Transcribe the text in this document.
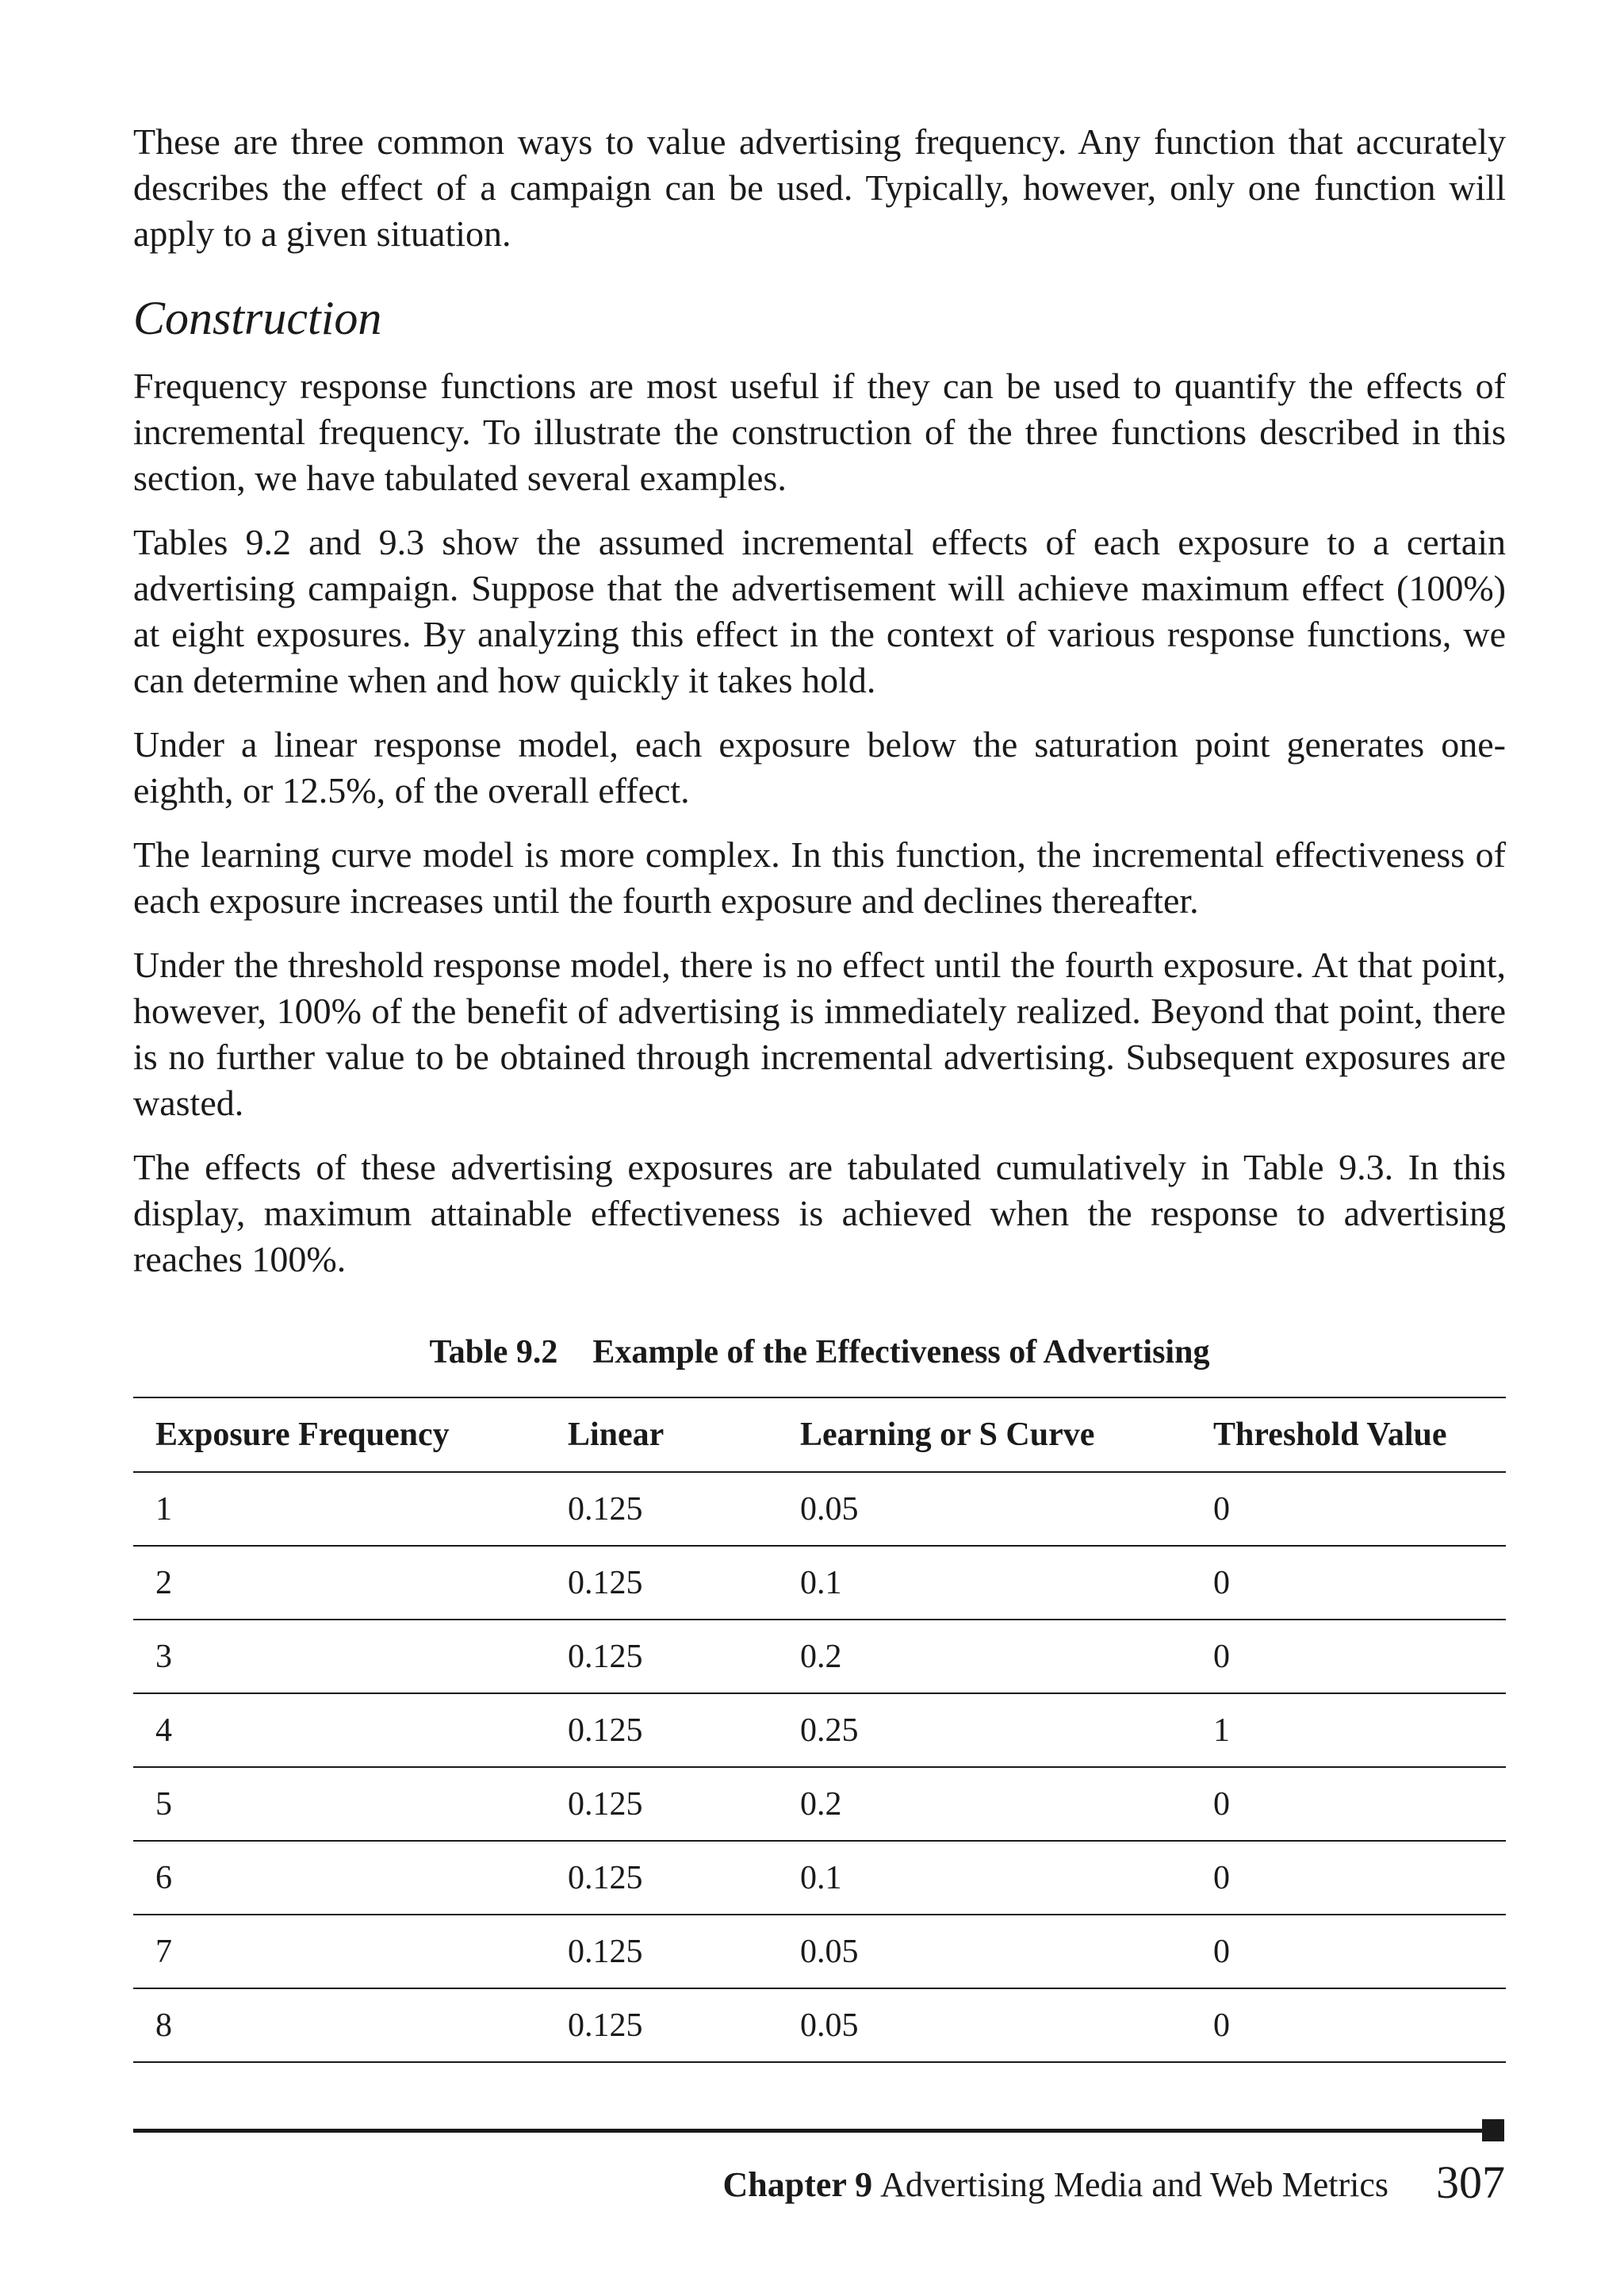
These are three common ways to value advertising frequency. Any function that accurately describes the effect of a campaign can be used. Typically, however, only one function will apply to a given situation.

Construction

Frequency response functions are most useful if they can be used to quantify the effects of incremental frequency. To illustrate the construction of the three functions described in this section, we have tabulated several examples.

Tables 9.2 and 9.3 show the assumed incremental effects of each exposure to a certain advertising campaign. Suppose that the advertisement will achieve maximum effect (100%) at eight exposures. By analyzing this effect in the context of various response functions, we can determine when and how quickly it takes hold.

Under a linear response model, each exposure below the saturation point generates one-eighth, or 12.5%, of the overall effect.

The learning curve model is more complex. In this function, the incremental effectiveness of each exposure increases until the fourth exposure and declines thereafter.

Under the threshold response model, there is no effect until the fourth exposure. At that point, however, 100% of the benefit of advertising is immediately realized. Beyond that point, there is no further value to be obtained through incremental advertising. Subsequent exposures are wasted.

The effects of these advertising exposures are tabulated cumulatively in Table 9.3. In this display, maximum attainable effectiveness is achieved when the response to advertising reaches 100%.

Table 9.2 Example of the Effectiveness of Advertising
Exposure Frequency	Linear	Learning or S Curve	Threshold Value
1	0.125	0.05	0
2	0.125	0.1	0
3	0.125	0.2	0
4	0.125	0.25	1
5	0.125	0.2	0
6	0.125	0.1	0
7	0.125	0.05	0
8	0.125	0.05	0
Chapter 9 Advertising Media and Web Metrics 307
